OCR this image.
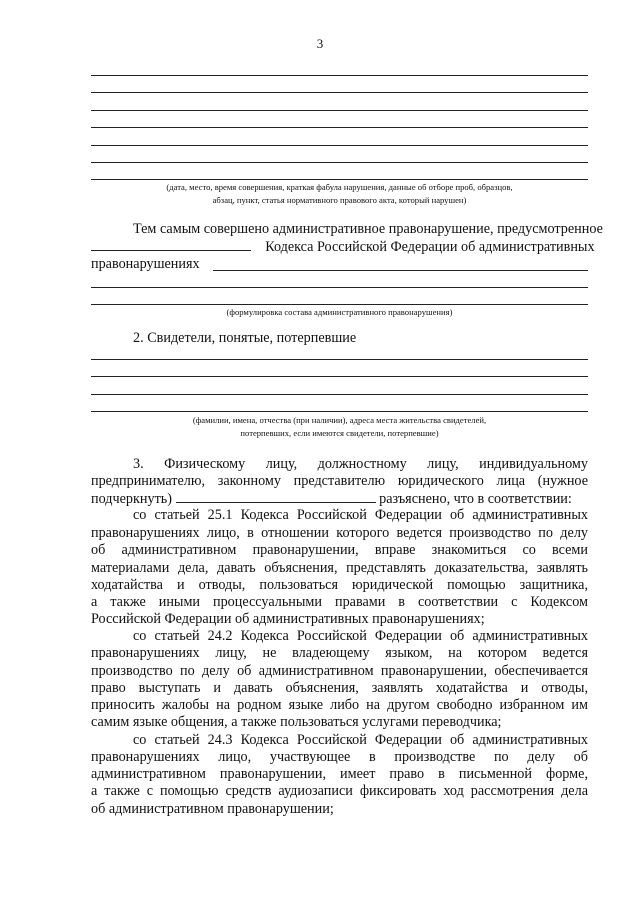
3
(дата, место, время совершения, краткая фабула нарушения, данные об отборе проб, образцов,
абзац, пункт, статья нормативного правового акта, который нарушен)
Тем самым совершено административное правонарушение, предусмотренное
Кодекса Российской Федерации об административных
правонарушениях
(формулировка состава административного правонарушения)
2. Свидетели, понятые, потерпевшие
(фамилии, имена, отчества (при наличии), адреса места жительства свидетелей,
потерпевших, если имеются свидетели, потерпевшие)
3. Физическому лицу, должностному лицу, индивидуальному
предпринимателю, законному представителю юридического лица (нужное
подчеркнуть)	разъяснено, что в соответствии:
со статьей 25.1 Кодекса Российской Федерации об административных
правонарушениях лицо, в отношении которого ведется производство по делу
об административном правонарушении, вправе знакомиться со всеми
материалами дела, давать объяснения, представлять доказательства, заявлять
ходатайства и отводы, пользоваться юридической помощью защитника,
а также иными процессуальными правами в соответствии с Кодексом
Российской Федерации об административных правонарушениях;
со статьей 24.2 Кодекса Российской Федерации об административных
правонарушениях лицу, не владеющему языком, на котором ведется
производство по делу об административном правонарушении, обеспечивается
право выступать и давать объяснения, заявлять ходатайства и отводы,
приносить жалобы на родном языке либо на другом свободно избранном им
самим языке общения, а также пользоваться услугами переводчика;
со статьей 24.3 Кодекса Российской Федерации об административных
правонарушениях лицо, участвующее в производстве по делу об
административном правонарушении, имеет право в письменной форме,
а также с помощью средств аудиозаписи фиксировать ход рассмотрения дела
об административном правонарушении;
